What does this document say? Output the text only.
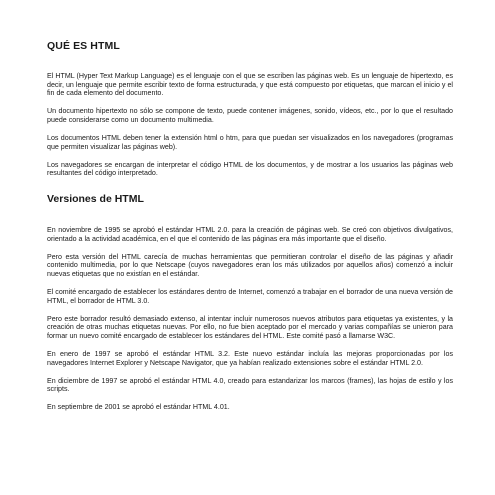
QUÉ ES HTML

El HTML (Hyper Text Markup Language) es el lenguaje con el que se escriben las páginas web. Es un lenguaje de hipertexto, es decir, un lenguaje que permite escribir texto de forma estructurada, y que está compuesto por etiquetas, que marcan el inicio y el fin de cada elemento del documento.

Un documento hipertexto no sólo se compone de texto, puede contener imágenes, sonido, vídeos, etc., por lo que el resultado puede considerarse como un documento multimedia.

Los documentos HTML deben tener la extensión html o htm, para que puedan ser visualizados en los navegadores (programas que permiten visualizar las páginas web).

Los navegadores se encargan de interpretar el código HTML de los documentos, y de mostrar a los usuarios las páginas web resultantes del código interpretado.

Versiones de HTML

En noviembre de 1995 se aprobó el estándar HTML 2.0. para la creación de páginas web. Se creó con objetivos divulgativos, orientado a la actividad académica, en el que el contenido de las páginas era más importante que el diseño.

Pero esta versión del HTML carecía de muchas herramientas que permitieran controlar el diseño de las páginas y añadir contenido multimedia, por lo que Netscape (cuyos navegadores eran los más utilizados por aquellos años) comenzó a incluir nuevas etiquetas que no existían en el estándar.

El comité encargado de establecer los estándares dentro de Internet, comenzó a trabajar en el borrador de una nueva versión de HTML, el borrador de HTML 3.0.

Pero este borrador resultó demasiado extenso, al intentar incluir numerosos nuevos atributos para etiquetas ya existentes, y la creación de otras muchas etiquetas nuevas. Por ello, no fue bien aceptado por el mercado y varias compañías se unieron para formar un nuevo comité encargado de establecer los estándares del HTML. Este comité pasó a llamarse W3C.

En enero de 1997 se aprobó el estándar HTML 3.2. Este nuevo estándar incluía las mejoras proporcionadas por los navegadores Internet Explorer y Netscape Navigator, que ya habían realizado extensiones sobre el estándar HTML 2.0.

En diciembre de 1997 se aprobó el estándar HTML 4.0, creado para estandarizar los marcos (frames), las hojas de estilo y los scripts.

En septiembre de 2001 se aprobó el estándar HTML 4.01.
